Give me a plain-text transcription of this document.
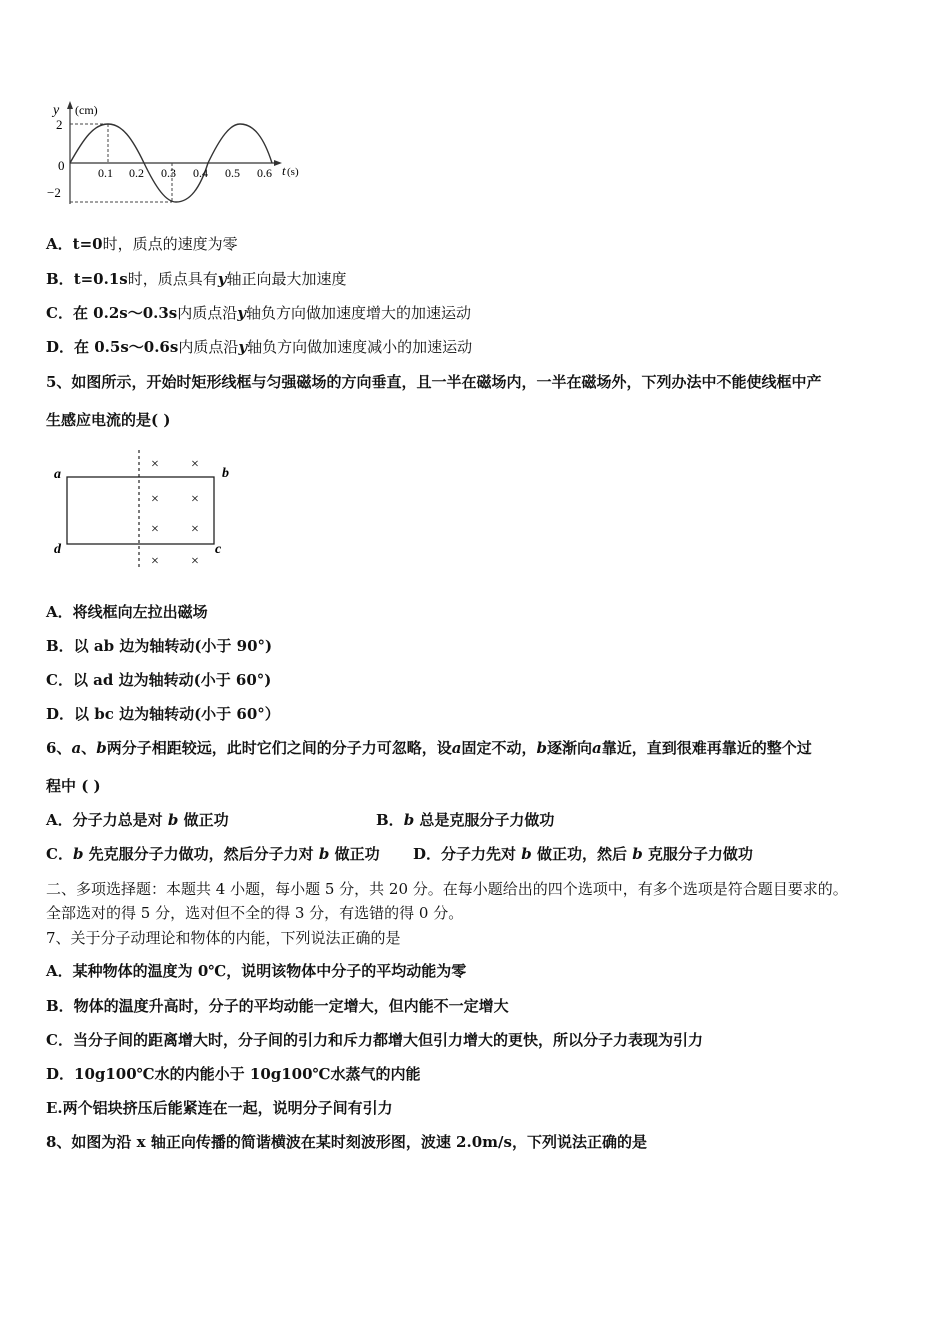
y (cm)
2
0
−2
0.1 0.2 0.3 0.4 0.5 0.6 t (s)
A．t=0时，质点的速度为零
B．t=0.1s时，质点具有y轴正向最大加速度
C．在 0.2s～0.3s内质点沿y轴负方向做加速度增大的加速运动
D．在 0.5s～0.6s内质点沿y轴负方向做加速度减小的加速运动
5、如图所示，开始时矩形线框与匀强磁场的方向垂直，且一半在磁场内，一半在磁场外，下列办法中不能使线框中产
生感应电流的是( )
a	b
d	c
× ×
× ×
× ×
× ×
A．将线框向左拉出磁场
B．以 ab 边为轴转动(小于 90°)
C．以 ad 边为轴转动(小于 60°)
D．以 bc 边为轴转动(小于 60°）
6、a、b两分子相距较远，此时它们之间的分子力可忽略，设a固定不动，b逐渐向a靠近，直到很难再靠近的整个过
程中 ( )
A．分子力总是对 b 做正功	B．b 总是克服分子力做功
C．b 先克服分子力做功，然后分子力对 b 做正功 D．分子力先对 b 做正功，然后 b 克服分子力做功
二、多项选择题：本题共 4 小题，每小题 5 分，共 20 分。在每小题给出的四个选项中，有多个选项是符合题目要求的。
全部选对的得 5 分，选对但不全的得 3 分，有选错的得 0 分。
7、关于分子动理论和物体的内能，下列说法正确的是
A．某种物体的温度为 0℃，说明该物体中分子的平均动能为零
B．物体的温度升高时，分子的平均动能一定增大，但内能不一定增大
C．当分子间的距离增大时，分子间的引力和斥力都增大但引力增大的更快，所以分子力表现为引力
D．10g100℃水的内能小于 10g100℃水蒸气的内能
E.两个铝块挤压后能紧连在一起，说明分子间有引力
8、如图为沿 x 轴正向传播的简谐横波在某时刻波形图，波速 2.0m/s，下列说法正确的是
